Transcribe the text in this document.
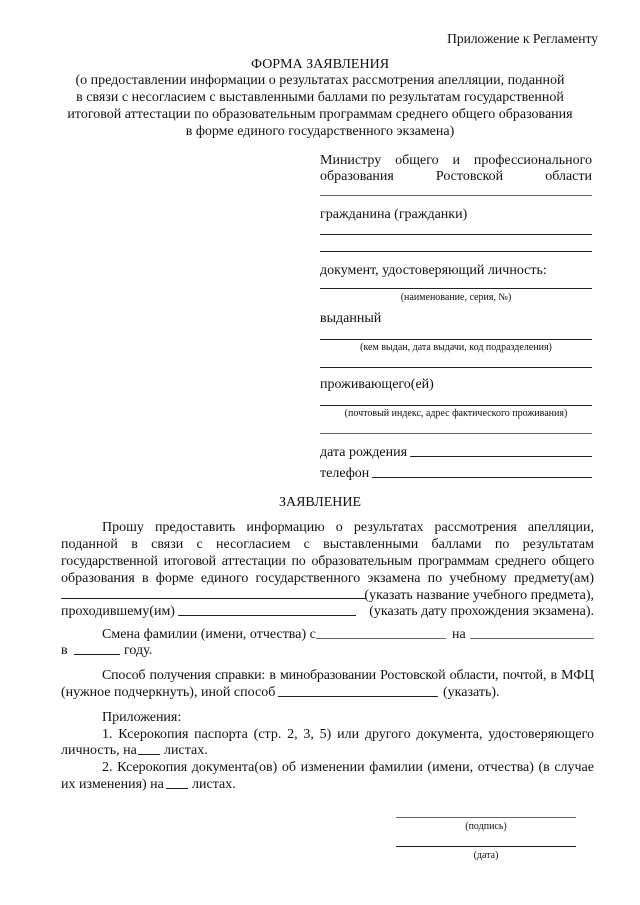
Приложение к Регламенту
ФОРМА ЗАЯВЛЕНИЯ
(о предоставлении информации о результатах рассмотрения апелляции, поданной
в связи с несогласием с выставленными баллами по результатам государственной
итоговой аттестации по образовательным программам среднего общего образования
в форме единого государственного экзамена)
Министру общего и профессионального
образования	Ростовской	области
гражданина (гражданки)
документ, удостоверяющий личность:
(наименование, серия, №)
выданный
(кем выдан, дата выдачи, код подразделения)
проживающего(ей)
(почтовый индекс, адрес фактического проживания)
дата рождения
телефон
ЗАЯВЛЕНИЕ
Прошу предоставить информацию о результатах рассмотрения апелляции,
поданной в связи с несогласием с выставленными баллами по результатам
государственной итоговой аттестации по образовательным программам среднего общего
образования в форме единого государственного экзамена по учебному предмету(ам)
(указать название учебного предмета),
проходившему(им)	(указать дату прохождения экзамена).
Смена фамилии (имени, отчества) с	на
в	году.
Способ получения справки: в минобразовании Ростовской области, почтой, в МФЦ
(нужное подчеркнуть), иной способ	(указать).
Приложения:
1. Ксерокопия паспорта (стр. 2, 3, 5) или другого документа, удостоверяющего
личность, на листах.
2. Ксерокопия документа(ов) об изменении фамилии (имени, отчества) (в случае
их изменения) на листах.
(подпись)
(дата)
